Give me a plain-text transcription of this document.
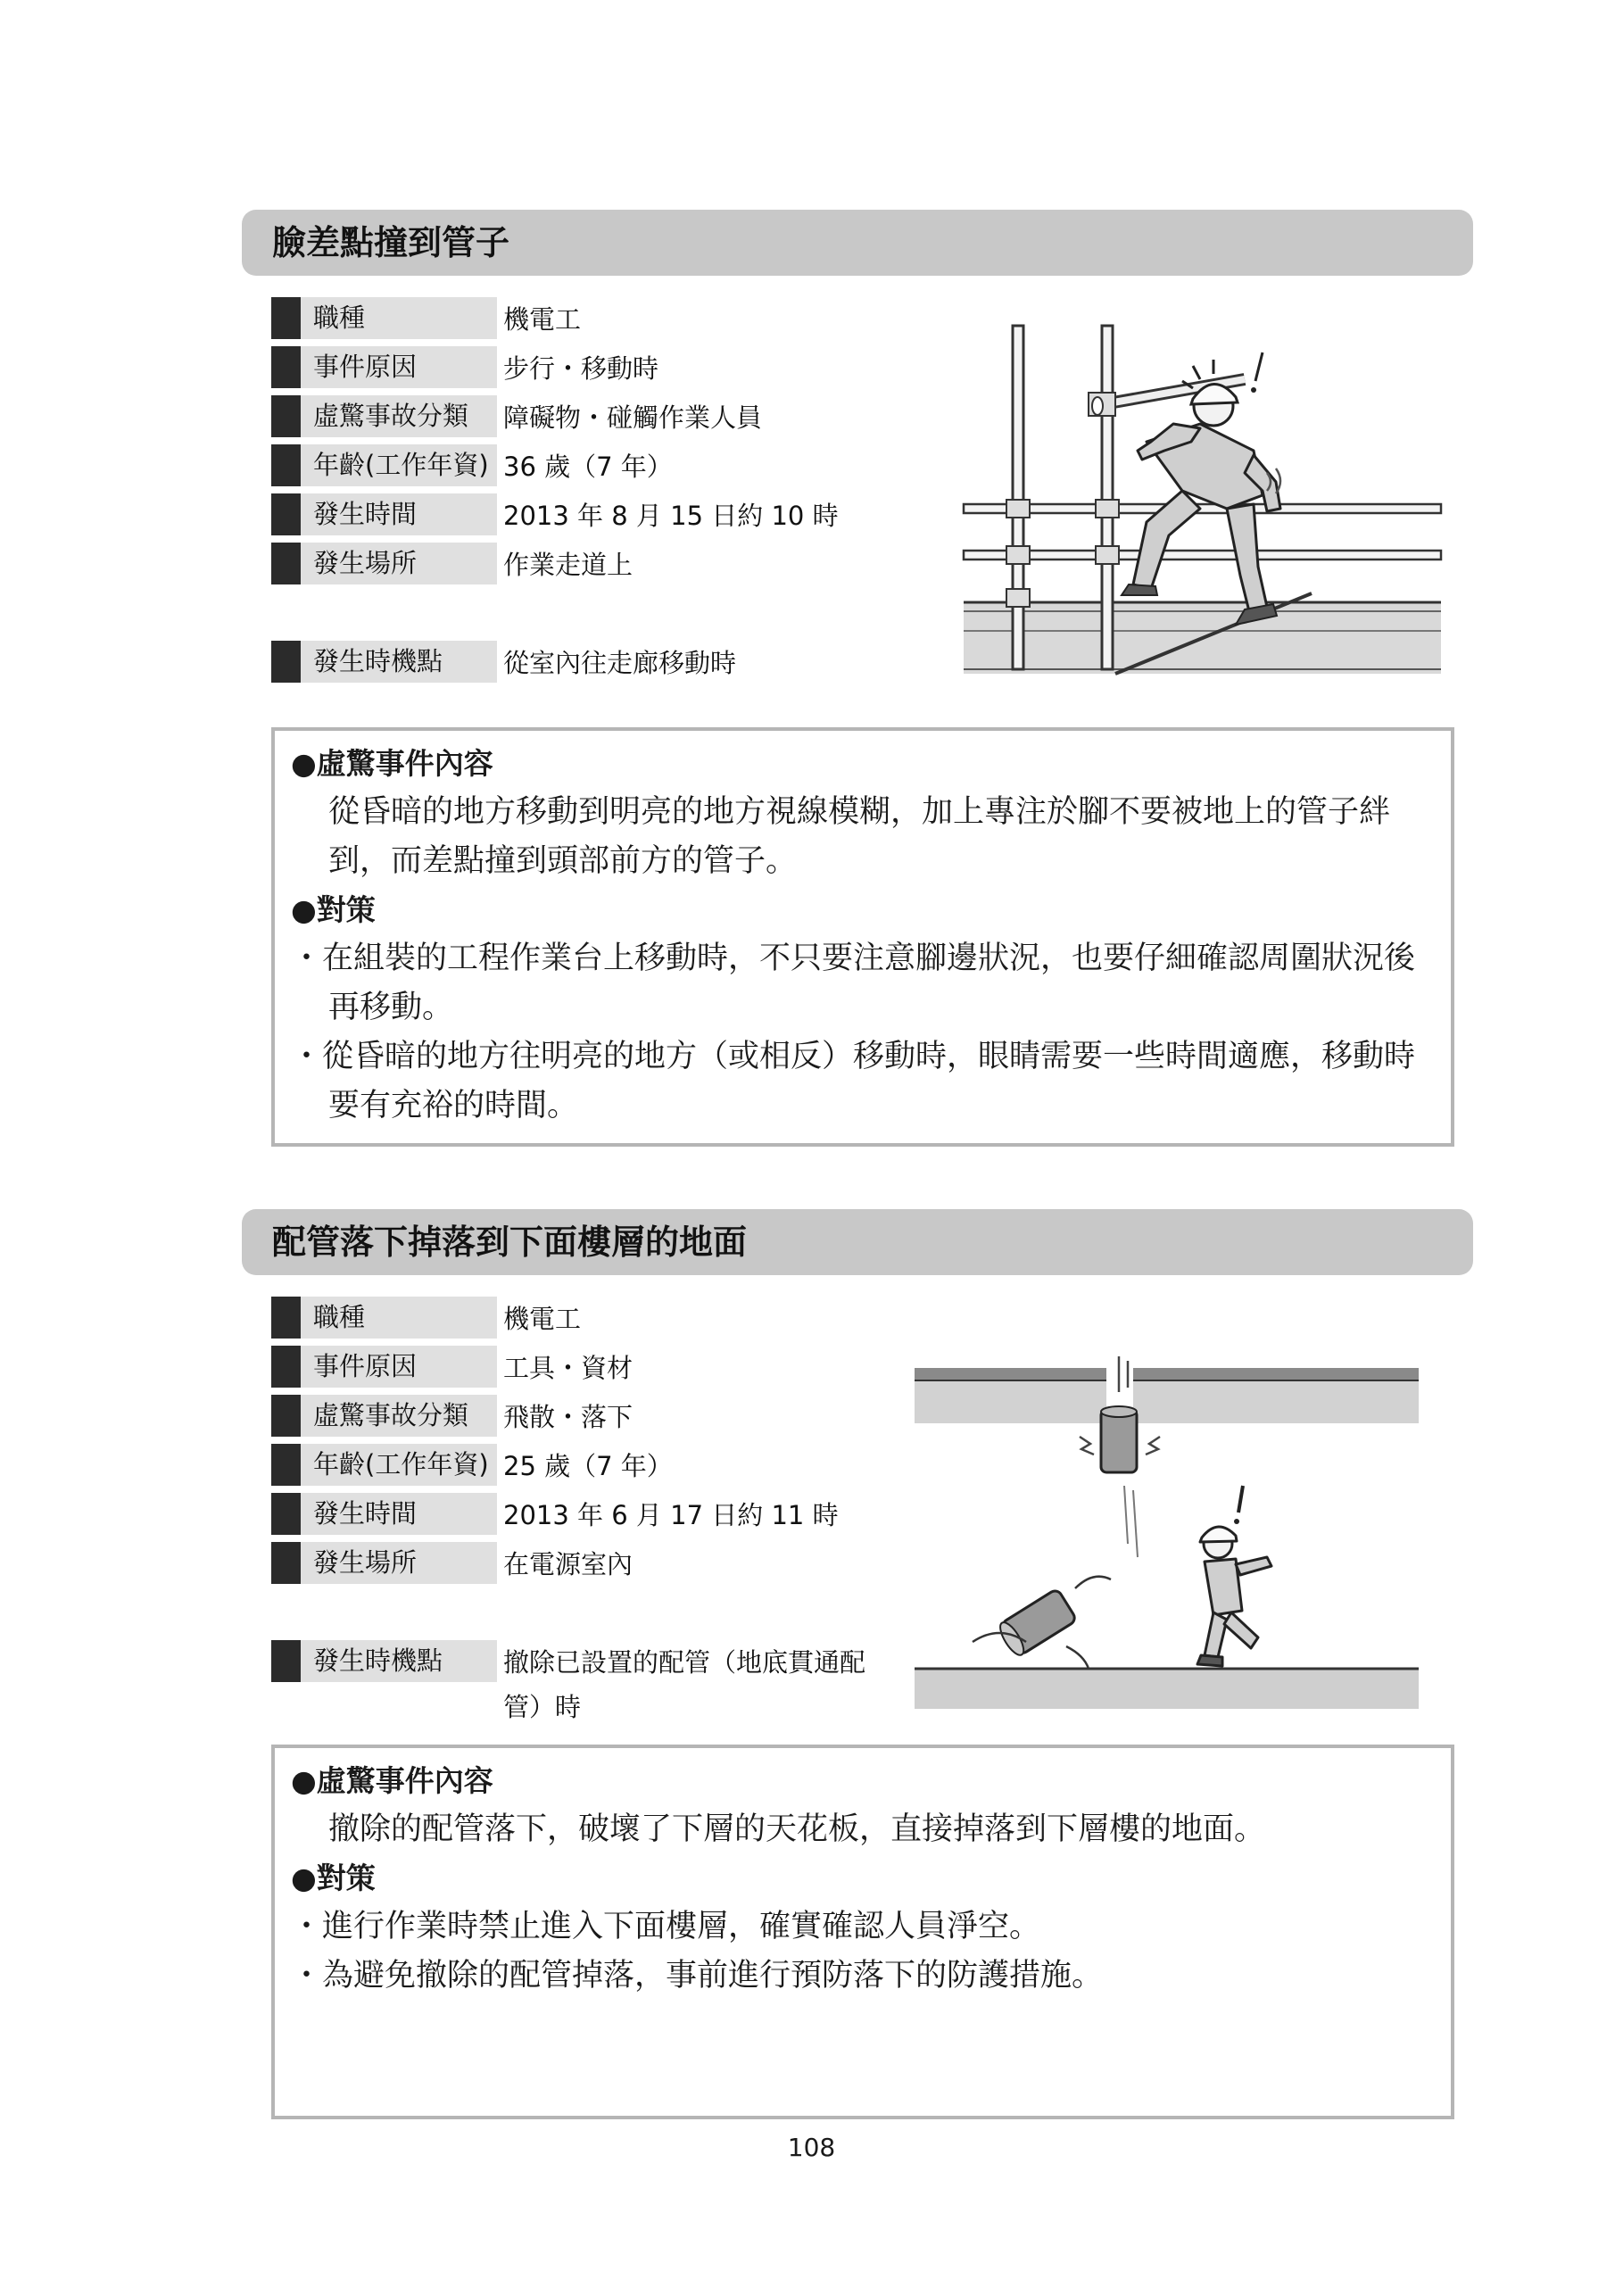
臉差點撞到管子
職種	機電工
事件原因	步行・移動時
虛驚事故分類	障礙物・碰觸作業人員
年齡(工作年資) 36 歲（7 年）
發生時間	2013 年 8 月 15 日約 10 時
發生場所	作業走道上
發生時機點	從室內往走廊移動時
●虛驚事件內容

從昏暗的地方移動到明亮的地方視線模糊，加上專注於腳不要被地上的管子絆到，而差點撞到頭部前方的管子。

●對策

・在組裝的工程作業台上移動時，不只要注意腳邊狀況，也要仔細確認周圍狀況後再移動。

・從昏暗的地方往明亮的地方（或相反）移動時，眼睛需要一些時間適應，移動時要有充裕的時間。

配管落下掉落到下面樓層的地面
職種	機電工
事件原因	工具・資材
虛驚事故分類	飛散・落下
年齡(工作年資) 25 歲（7 年）
發生時間	2013 年 6 月 17 日約 11 時
發生場所	在電源室內
發生時機點	撤除已設置的配管（地底貫通配管）時
●虛驚事件內容

撤除的配管落下，破壞了下層的天花板，直接掉落到下層樓的地面。

●對策

・進行作業時禁止進入下面樓層，確實確認人員淨空。

・為避免撤除的配管掉落，事前進行預防落下的防護措施。

108
